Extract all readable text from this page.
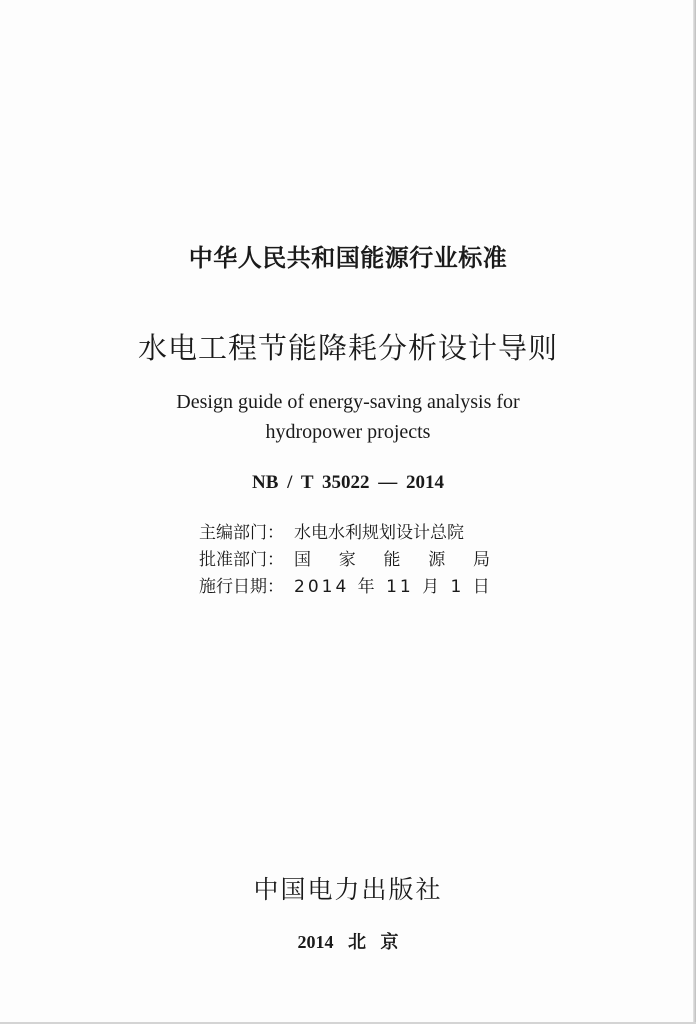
中华人民共和国能源行业标准
水电工程节能降耗分析设计导则
Design guide of energy-saving analysis for
hydropower projects
NB / T 35022 — 2014
主编部门： 水电水利规划设计总院
批准部门： 国 家 能 源 局
施行日期： 2014 年 11 月 1 日
中国电力出版社
2014 北 京
